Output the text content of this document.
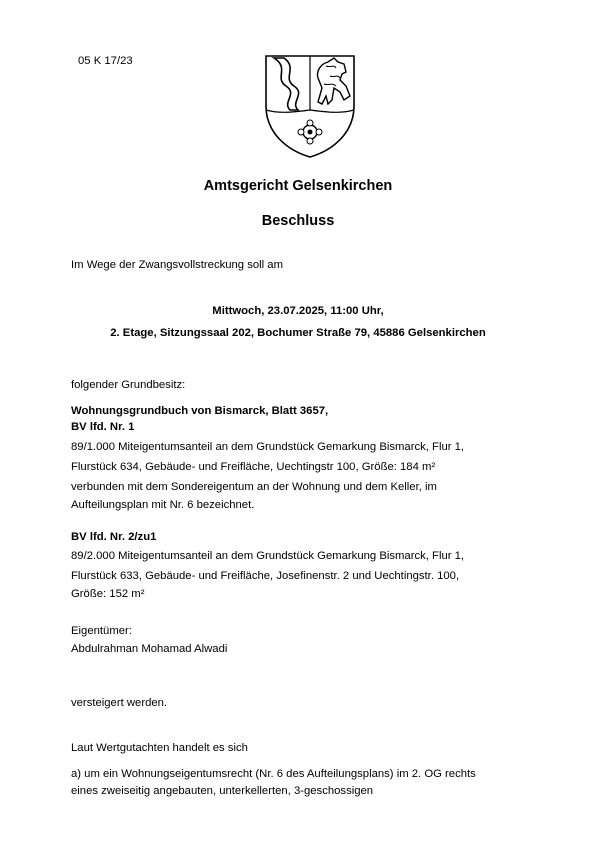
05 K 17/23
Amtsgericht Gelsenkirchen
Beschluss
Im Wege der Zwangsvollstreckung soll am
Mittwoch, 23.07.2025, 11:00 Uhr,
2. Etage, Sitzungssaal 202, Bochumer Straße 79, 45886 Gelsenkirchen
folgender Grundbesitz:
Wohnungsgrundbuch von Bismarck, Blatt 3657,
BV lfd. Nr. 1
89/1.000 Miteigentumsanteil an dem Grundstück Gemarkung Bismarck, Flur 1,
Flurstück 634, Gebäude- und Freifläche, Uechtingstr 100, Größe: 184 m²
verbunden mit dem Sondereigentum an der Wohnung und dem Keller, im
Aufteilungsplan mit Nr. 6 bezeichnet.
BV lfd. Nr. 2/zu1
89/2.000 Miteigentumsanteil an dem Grundstück Gemarkung Bismarck, Flur 1,
Flurstück 633, Gebäude- und Freifläche, Josefinenstr. 2 und Uechtingstr. 100,
Größe: 152 m²
Eigentümer:
Abdulrahman Mohamad Alwadi
versteigert werden.
Laut Wertgutachten handelt es sich
a) um ein Wohnungseigentumsrecht (Nr. 6 des Aufteilungsplans) im 2. OG rechts
eines zweiseitig angebauten, unterkellerten, 3-geschossigen
